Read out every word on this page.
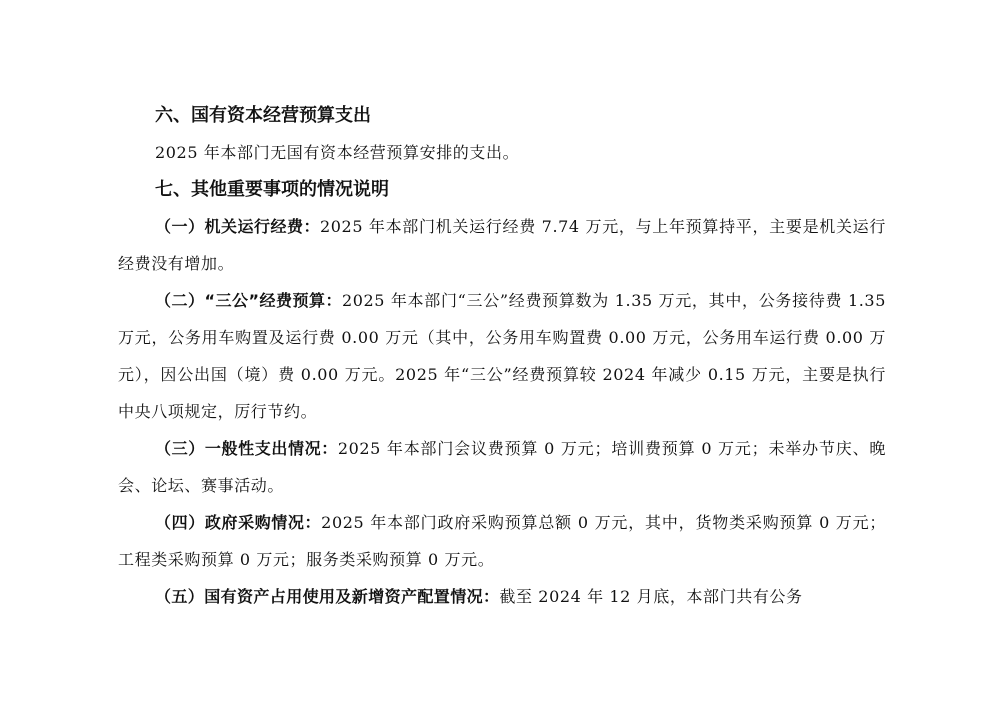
六、国有资本经营预算支出

2025 年本部门无国有资本经营预算安排的支出。

七、其他重要事项的情况说明

（一）机关运行经费：2025 年本部门机关运行经费 7.74 万元，与上年预算持平，主要是机关运行经费没有增加。

（二）“三公”经费预算：2025 年本部门“三公”经费预算数为 1.35 万元，其中，公务接待费 1.35 万元，公务用车购置及运行费 0.00 万元（其中，公务用车购置费 0.00 万元，公务用车运行费 0.00 万元），因公出国（境）费 0.00 万元。2025 年“三公”经费预算较 2024 年减少 0.15 万元，主要是执行中央八项规定，厉行节约。

（三）一般性支出情况：2025 年本部门会议费预算 0 万元；培训费预算 0 万元；未举办节庆、晚会、论坛、赛事活动。

（四）政府采购情况：2025 年本部门政府采购预算总额 0 万元，其中，货物类采购预算 0 万元；工程类采购预算 0 万元；服务类采购预算 0 万元。

（五）国有资产占用使用及新增资产配置情况：截至 2024 年 12 月底，本部门共有公务
